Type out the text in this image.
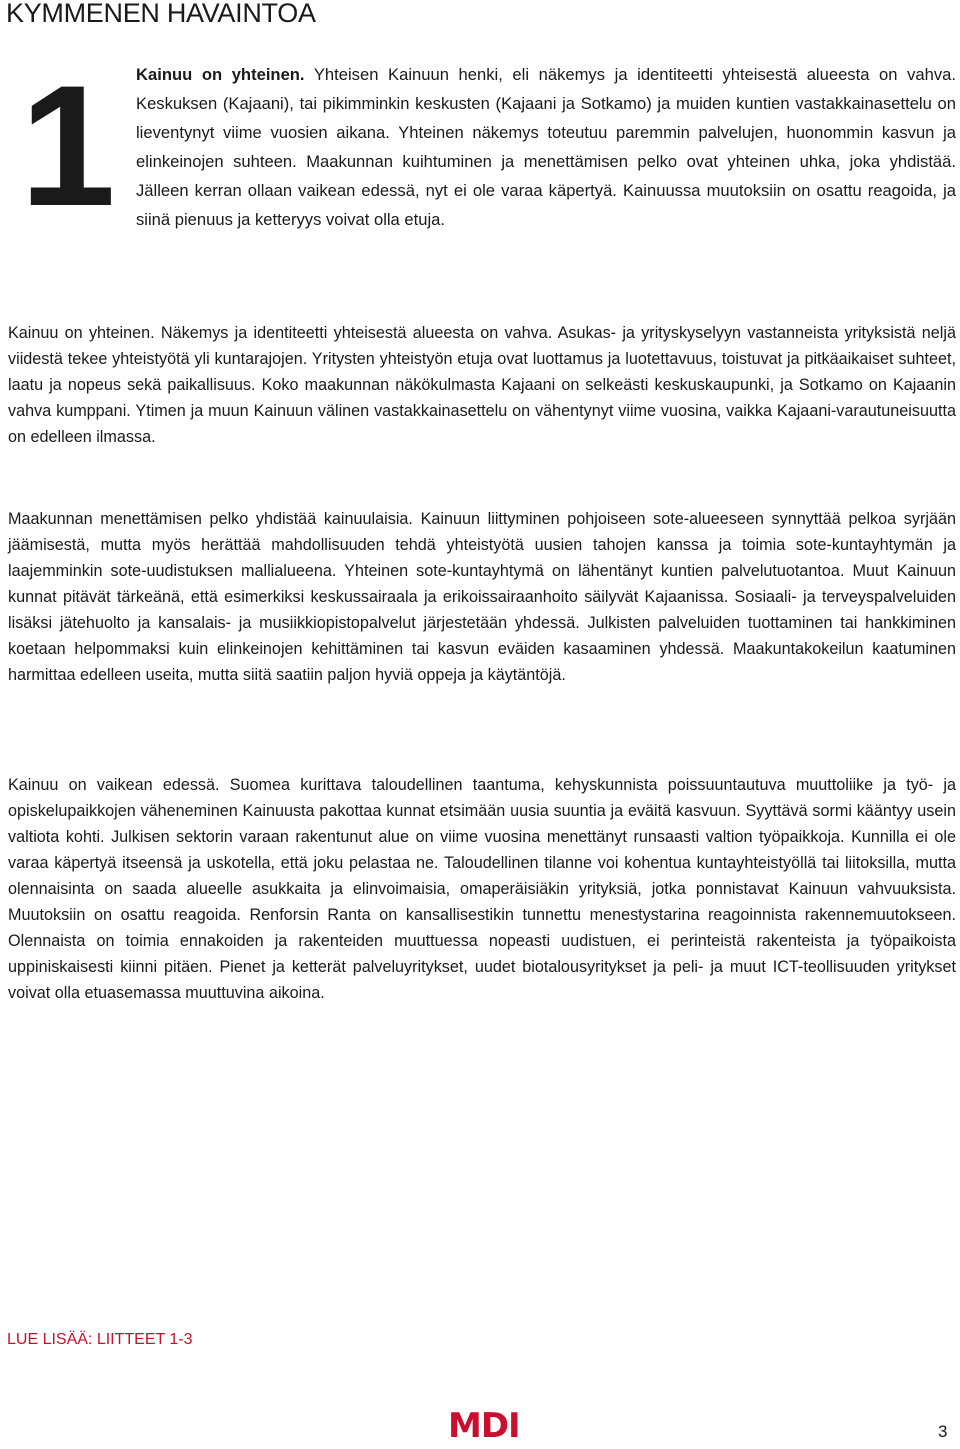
KYMMENEN HAVAINTOA
1 Kainuu on yhteinen. Yhteisen Kainuun henki, eli näkemys ja identiteetti yhteisestä alueesta on vahva. Keskuksen (Kajaani), tai pikimminkin keskusten (Kajaani ja Sotkamo) ja muiden kuntien vastakkainasettelu on lieventynyt viime vuosien aikana. Yhteinen näkemys toteutuu paremmin palvelujen, huonommin kasvun ja elinkeinojen suhteen. Maakunnan kuihtuminen ja menettämisen pelko ovat yhteinen uhka, joka yhdistää. Jälleen kerran ollaan vaikean edessä, nyt ei ole varaa käpertyä. Kainuussa muutoksiin on osattu reagoida, ja siinä pienuus ja ketteryys voivat olla etuja.

Kainuu on yhteinen. Näkemys ja identiteetti yhteisestä alueesta on vahva. Asukas- ja yrityskyselyyn vastanneista yrityksistä neljä viidestä tekee yhteistyötä yli kuntarajojen. Yritysten yhteistyön etuja ovat luottamus ja luotettavuus, toistuvat ja pitkäaikaiset suhteet, laatu ja nopeus sekä paikallisuus. Koko maakunnan näkökulmasta Kajaani on selkeästi keskuskaupunki, ja Sotkamo on Kajaanin vahva kumppani. Ytimen ja muun Kainuun välinen vastakkainasettelu on vähentynyt viime vuosina, vaikka Kajaani-varautuneisuutta on edelleen ilmassa.

Maakunnan menettämisen pelko yhdistää kainuulaisia. Kainuun liittyminen pohjoiseen sote-alueeseen synnyttää pelkoa syrjään jäämisestä, mutta myös herättää mahdollisuuden tehdä yhteistyötä uusien tahojen kanssa ja toimia sote-kuntayhtymän ja laajemminkin sote-uudistuksen mallialueena. Yhteinen sote-kuntayhtymä on lähentänyt kuntien palvelutuotantoa. Muut Kainuun kunnat pitävät tärkeänä, että esimerkiksi keskussairaala ja erikoissairaanhoito säilyvät Kajaanissa. Sosiaali- ja terveyspalveluiden lisäksi jätehuolto ja kansalais- ja musiikkiopistopalvelut järjestetään yhdessä. Julkisten palveluiden tuottaminen tai hankkiminen koetaan helpommaksi kuin elinkeinojen kehittäminen tai kasvun eväiden kasaaminen yhdessä. Maakuntakokeilun kaatuminen harmittaa edelleen useita, mutta siitä saatiin paljon hyviä oppeja ja käytäntöjä.

Kainuu on vaikean edessä. Suomea kurittava taloudellinen taantuma, kehyskunnista poissuuntautuva muuttoliike ja työ- ja opiskelupaikkojen väheneminen Kainuusta pakottaa kunnat etsimään uusia suuntia ja eväitä kasvuun. Syyttävä sormi kääntyy usein valtiota kohti. Julkisen sektorin varaan rakentunut alue on viime vuosina menettänyt runsaasti valtion työpaikkoja. Kunnilla ei ole varaa käpertyä itseensä ja uskotella, että joku pelastaa ne. Taloudellinen tilanne voi kohentua kuntayhteistyöllä tai liitoksilla, mutta olennaisinta on saada alueelle asukkaita ja elinvoimaisia, omaperäisiäkin yrityksiä, jotka ponnistavat Kainuun vahvuuksista. Muutoksiin on osattu reagoida. Renforsin Ranta on kansallisestikin tunnettu menestystarina reagoinnista rakennemuutokseen. Olennaista on toimia ennakoiden ja rakenteiden muuttuessa nopeasti uudistuen, ei perinteistä rakenteista ja työpaikoista uppiniskaisesti kiinni pitäen. Pienet ja ketterät palveluyritykset, uudet biotalousyritykset ja peli- ja muut ICT-teollisuuden yritykset voivat olla etuasemassa muuttuvina aikoina.

LUE LISÄÄ: LIITTEET 1-3
MDI	3
